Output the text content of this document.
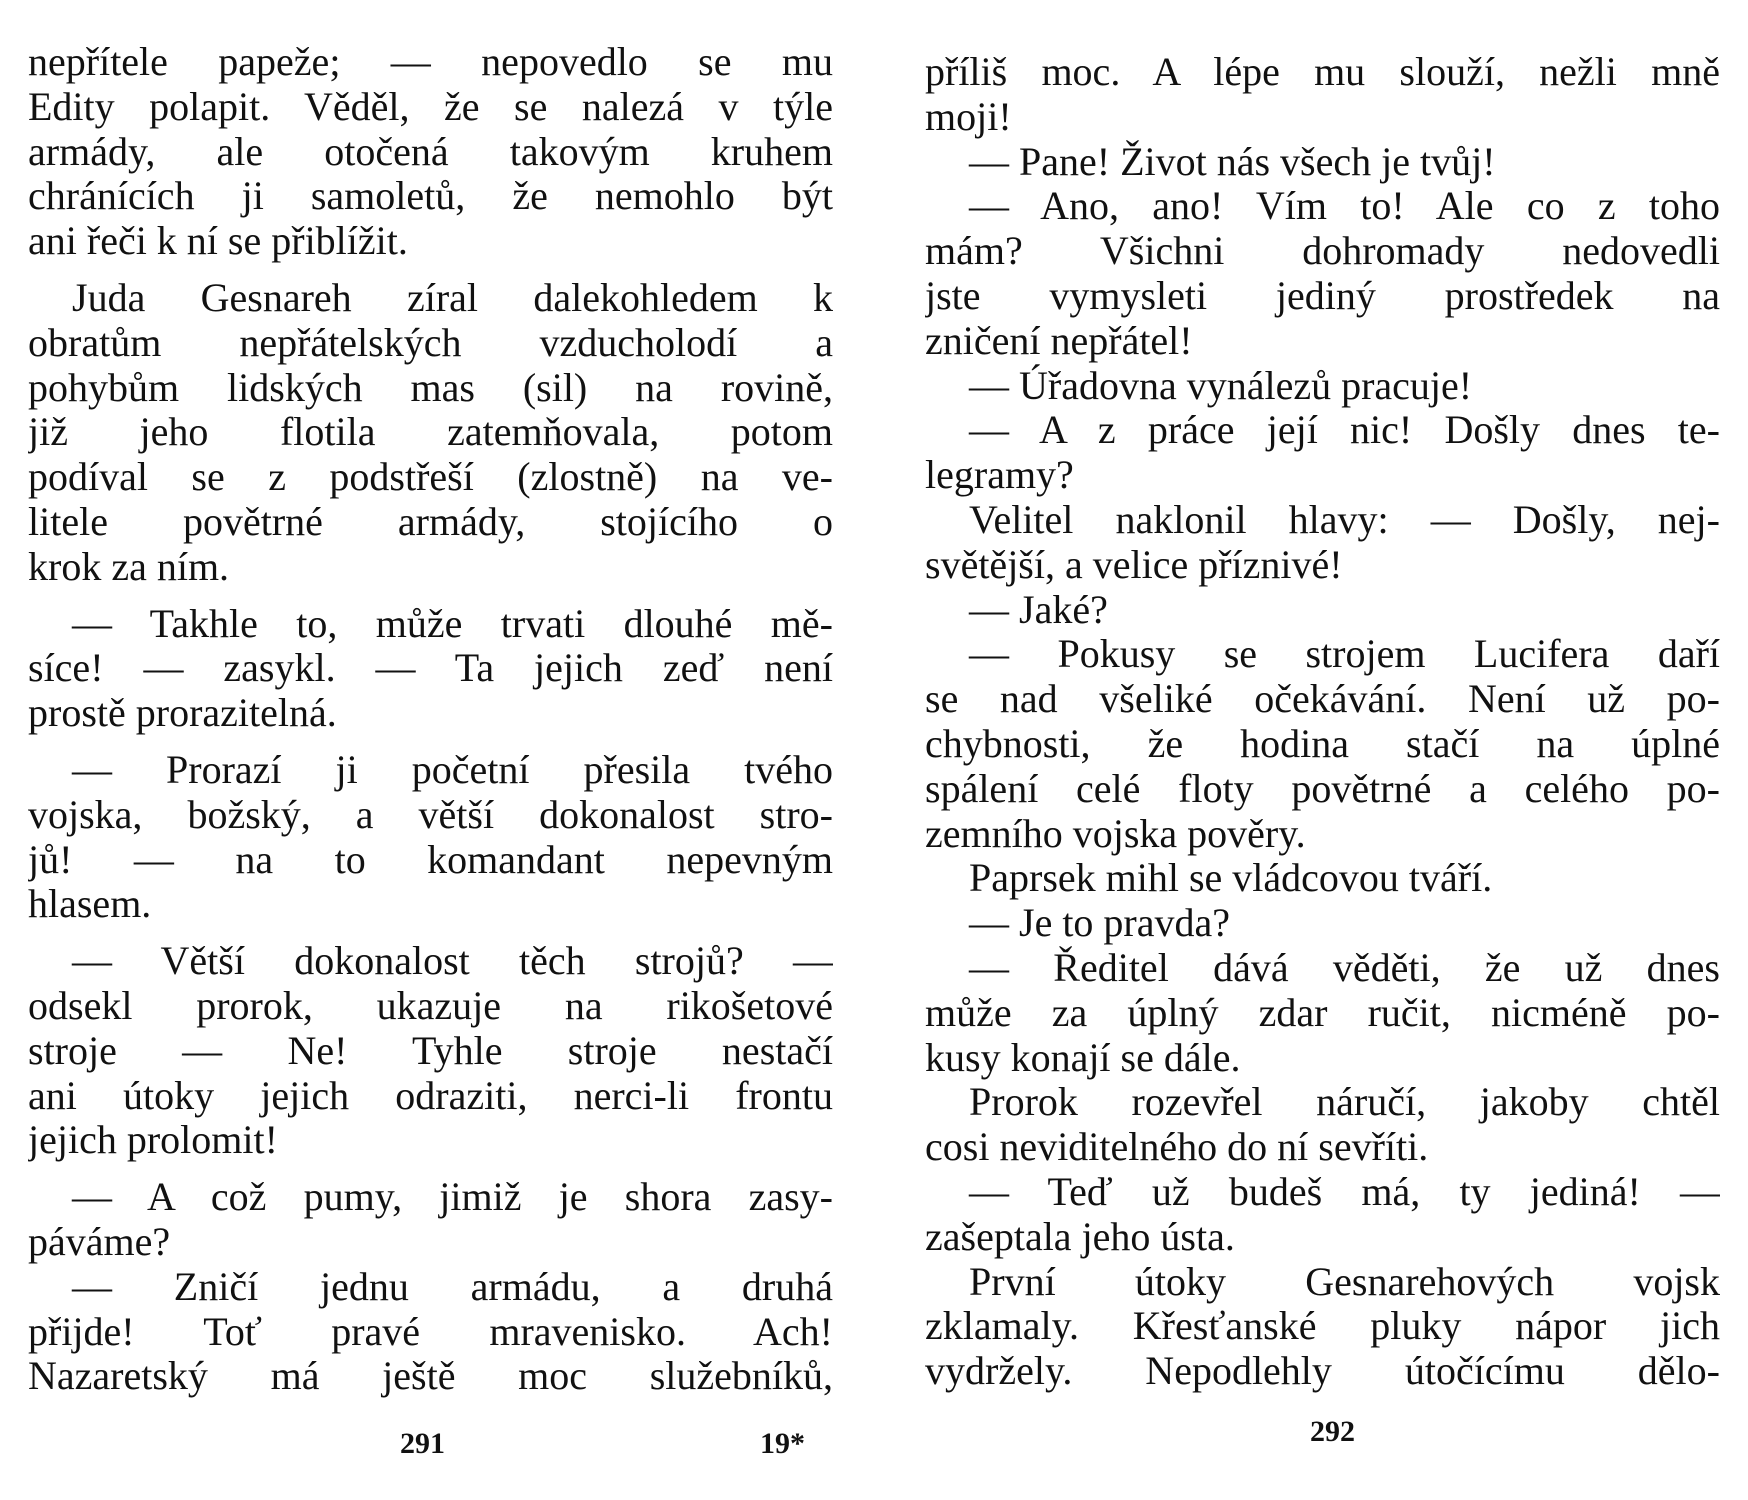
nepřítele papeže; — nepovedlo se mu
Edity polapit. Věděl, že se nalezá v týle
armády, ale otočená takovým kruhem
chránících ji samoletů, že nemohlo být
ani řeči k ní se přiblížit.
Juda Gesnareh zíral dalekohledem k
obratům nepřátelských vzducholodí a
pohybům lidských mas (sil) na rovině,
již jeho flotila zatemňovala, potom
podíval se z podstřeší (zlostně) na ve-
litele povětrné armády, stojícího o
krok za ním.
— Takhle to, může trvati dlouhé mě-
síce! — zasykl. — Ta jejich zeď není
prostě prorazitelná.
— Prorazí ji početní přesila tvého
vojska, božský, a větší dokonalost stro-
jů! — na to komandant nepevným
hlasem.
— Větší dokonalost těch strojů? —
odsekl prorok, ukazuje na rikošetové
stroje — Ne! Tyhle stroje nestačí
ani útoky jejich odraziti, nerci-li frontu
jejich prolomit!
— A což pumy, jimiž je shora zasy-
páváme?
— Zničí jednu armádu, a druhá
přijde! Toť pravé mravenisko. Ach!
Nazaretský má ještě moc služebníků,
příliš moc. A lépe mu slouží, nežli mně
moji!
— Pane! Život nás všech je tvůj!
— Ano, ano! Vím to! Ale co z toho
mám? Všichni dohromady nedovedli
jste vymysleti jediný prostředek na
zničení nepřátel!
— Úřadovna vynálezů pracuje!
— A z práce její nic! Došly dnes te-
legramy?
Velitel naklonil hlavy: — Došly, nej-
světější, a velice příznivé!
— Jaké?
— Pokusy se strojem Lucifera daří
se nad všeliké očekávání. Není už po-
chybnosti, že hodina stačí na úplné
spálení celé floty povětrné a celého po-
zemního vojska pověry.
Paprsek mihl se vládcovou tváří.
— Je to pravda?
— Ředitel dává věděti, že už dnes
může za úplný zdar ručit, nicméně po-
kusy konají se dále.
Prorok rozevřel náručí, jakoby chtěl
cosi neviditelného do ní sevříti.
— Teď už budeš má, ty jediná! —
zašeptala jeho ústa.
První útoky Gesnarehových vojsk
zklamaly. Křesťanské pluky nápor jich
vydržely. Nepodlehly útočícímu dělo-
291	19*	292
